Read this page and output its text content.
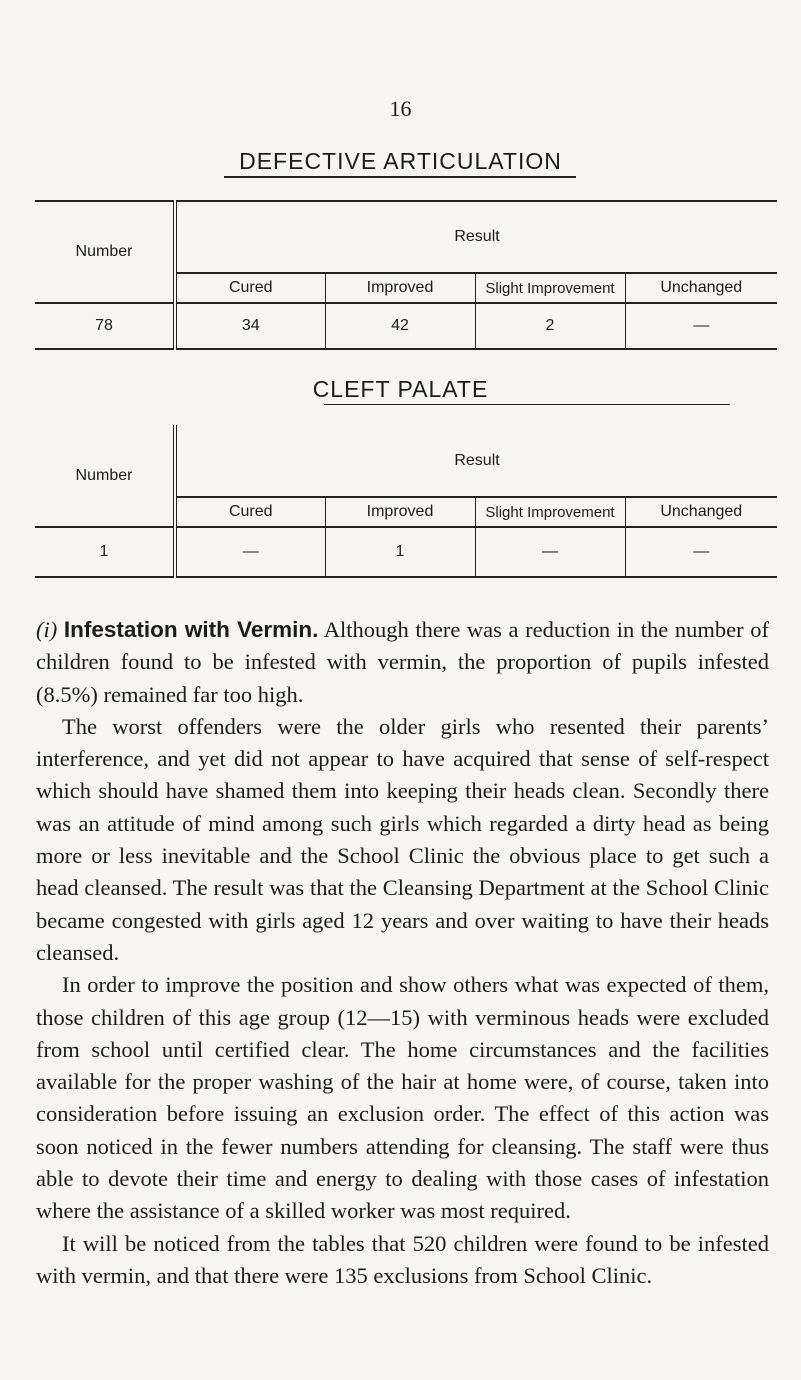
16
DEFECTIVE ARTICULATION
Number	Result			
	Cured	Improved	Slight Improvement	Unchanged
78	34	42	2	—
CLEFT PALATE
Number	Result			
	Cured	Improved	Slight Improvement	Unchanged
1	—	1	—	—

(i) Infestation with Vermin. Although there was a reduction in the number of children found to be infested with vermin, the proportion of pupils infested (8.5%) remained far too high.

The worst offenders were the older girls who resented their parents’ interference, and yet did not appear to have acquired that sense of self-respect which should have shamed them into keeping their heads clean. Secondly there was an attitude of mind among such girls which regarded a dirty head as being more or less inevitable and the School Clinic the obvious place to get such a head cleansed. The result was that the Cleansing Department at the School Clinic became congested with girls aged 12 years and over waiting to have their heads cleansed.

In order to improve the position and show others what was expected of them, those children of this age group (12—15) with verminous heads were excluded from school until certified clear. The home circumstances and the facilities available for the proper washing of the hair at home were, of course, taken into consideration before issuing an exclusion order. The effect of this action was soon noticed in the fewer numbers attending for cleansing. The staff were thus able to devote their time and energy to dealing with those cases of infestation where the assistance of a skilled worker was most required.

It will be noticed from the tables that 520 children were found to be infested with vermin, and that there were 135 exclusions from School Clinic.
